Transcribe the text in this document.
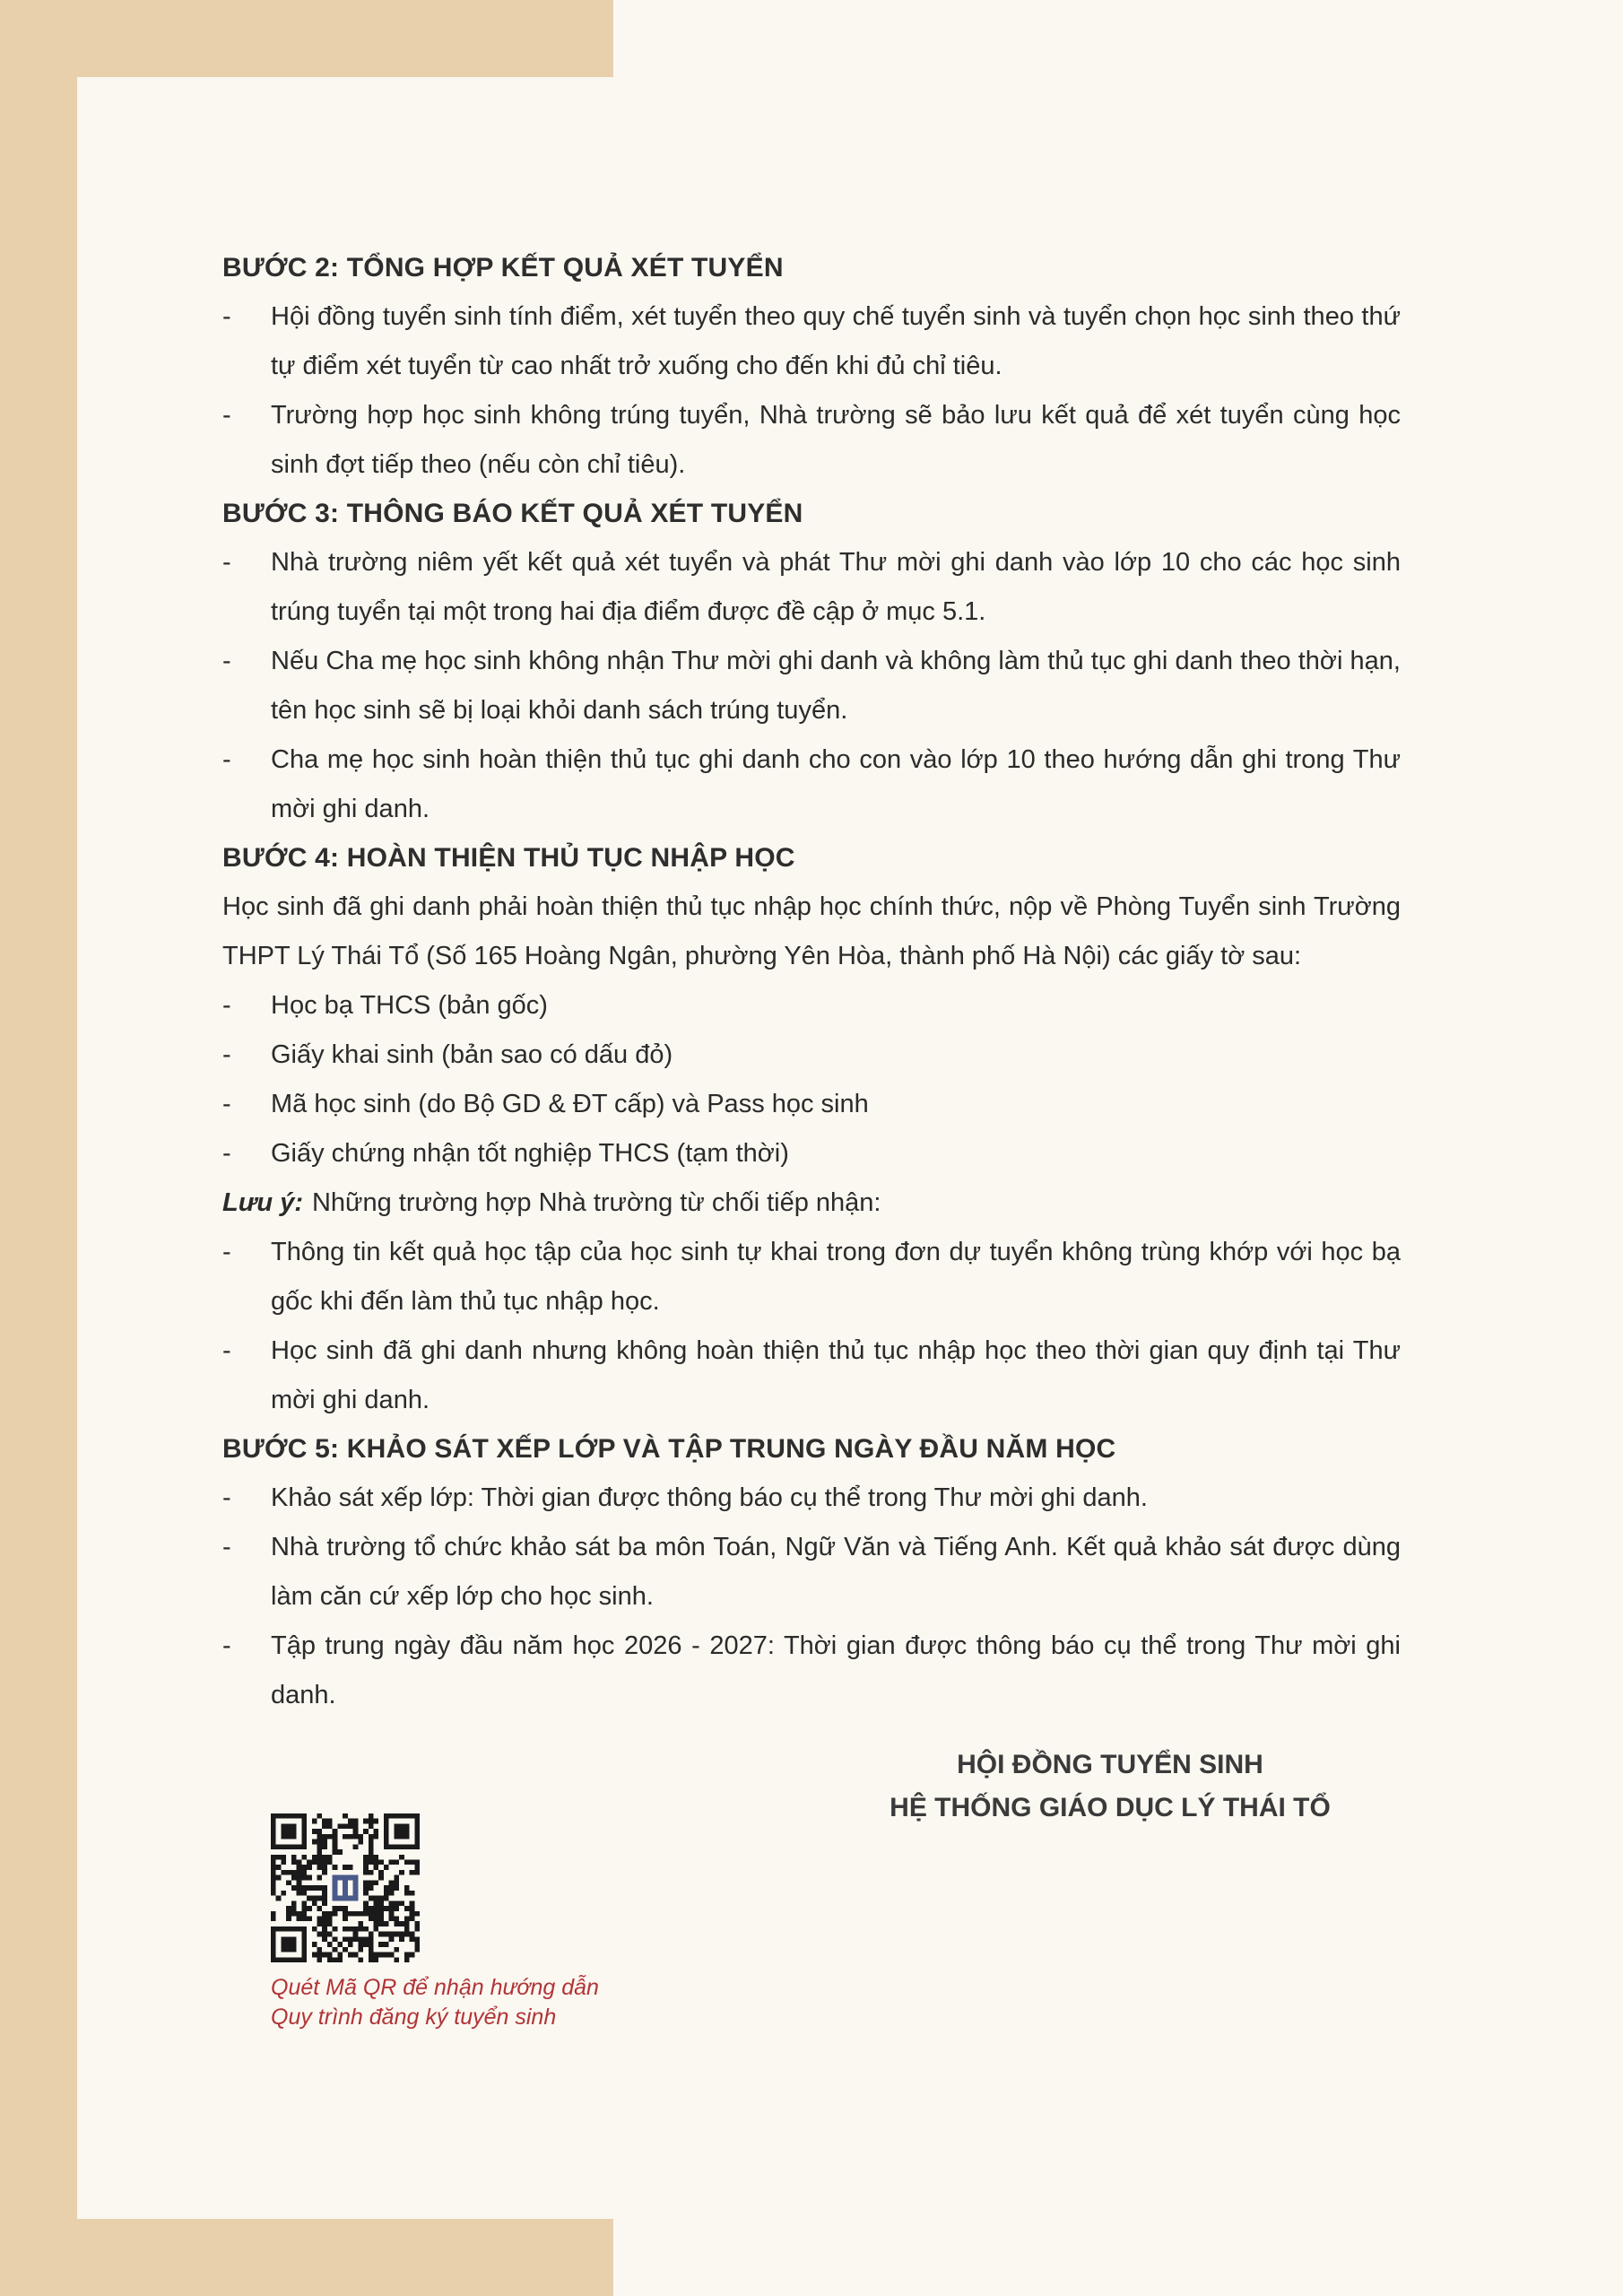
BƯỚC 2: TỔNG HỢP KẾT QUẢ XÉT TUYỂN
- Hội đồng tuyển sinh tính điểm, xét tuyển theo quy chế tuyển sinh và tuyển chọn học sinh theo thứ tự điểm xét tuyển từ cao nhất trở xuống cho đến khi đủ chỉ tiêu.
- Trường hợp học sinh không trúng tuyển, Nhà trường sẽ bảo lưu kết quả để xét tuyển cùng học sinh đợt tiếp theo (nếu còn chỉ tiêu).
BƯỚC 3: THÔNG BÁO KẾT QUẢ XÉT TUYỂN
- Nhà trường niêm yết kết quả xét tuyển và phát Thư mời ghi danh vào lớp 10 cho các học sinh trúng tuyển tại một trong hai địa điểm được đề cập ở mục 5.1.
- Nếu Cha mẹ học sinh không nhận Thư mời ghi danh và không làm thủ tục ghi danh theo thời hạn, tên học sinh sẽ bị loại khỏi danh sách trúng tuyển.
- Cha mẹ học sinh hoàn thiện thủ tục ghi danh cho con vào lớp 10 theo hướng dẫn ghi trong Thư mời ghi danh.
BƯỚC 4: HOÀN THIỆN THỦ TỤC NHẬP HỌC
Học sinh đã ghi danh phải hoàn thiện thủ tục nhập học chính thức, nộp về Phòng Tuyển sinh Trường THPT Lý Thái Tổ (Số 165 Hoàng Ngân, phường Yên Hòa, thành phố Hà Nội) các giấy tờ sau:
- Học bạ THCS (bản gốc)
- Giấy khai sinh (bản sao có dấu đỏ)
- Mã học sinh (do Bộ GD & ĐT cấp) và Pass học sinh
- Giấy chứng nhận tốt nghiệp THCS (tạm thời)
Lưu ý: Những trường hợp Nhà trường từ chối tiếp nhận:
- Thông tin kết quả học tập của học sinh tự khai trong đơn dự tuyển không trùng khớp với học bạ gốc khi đến làm thủ tục nhập học.
- Học sinh đã ghi danh nhưng không hoàn thiện thủ tục nhập học theo thời gian quy định tại Thư mời ghi danh.
BƯỚC 5: KHẢO SÁT XẾP LỚP VÀ TẬP TRUNG NGÀY ĐẦU NĂM HỌC
- Khảo sát xếp lớp: Thời gian được thông báo cụ thể trong Thư mời ghi danh.
- Nhà trường tổ chức khảo sát ba môn Toán, Ngữ Văn và Tiếng Anh. Kết quả khảo sát được dùng làm căn cứ xếp lớp cho học sinh.
- Tập trung ngày đầu năm học 2026 - 2027: Thời gian được thông báo cụ thể trong Thư mời ghi danh.
HỘI ĐỒNG TUYỂN SINH
HỆ THỐNG GIÁO DỤC LÝ THÁI TỔ
Quét Mã QR để nhận hướng dẫn
Quy trình đăng ký tuyển sinh
